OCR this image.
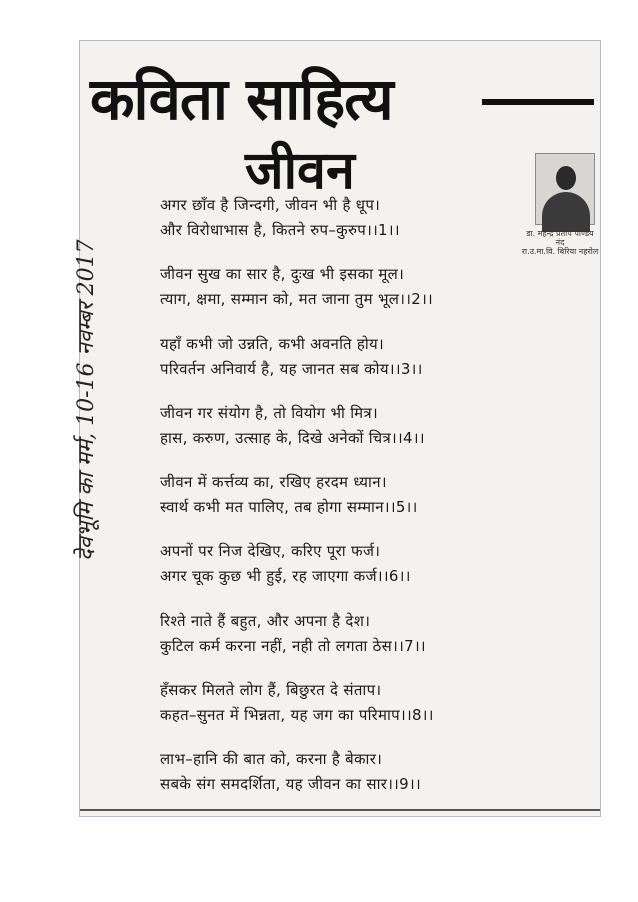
कविता साहित्य
जीवन
डा. महेन्द्र प्रताप पाण्डेय
नंद
रा.उ.मा.वि. बिरिया नहरोल
देवभूमि का मर्म, 10-16 नवम्बर 2017
अगर छाँव है जिन्दगी, जीवन भी है धूप।
और विरोधाभास है, कितने रुप–कुरुप।।1।।
जीवन सुख का सार है, दुःख भी इसका मूल।
त्याग, क्षमा, सम्मान को, मत जाना तुम भूल।।2।।
यहाँ कभी जो उन्नति, कभी अवनति होय।
परिवर्तन अनिवार्य है, यह जानत सब कोय।।3।।
जीवन गर संयोग है, तो वियोग भी मित्र।
हास, करुण, उत्साह के, दिखे अनेकों चित्र।।4।।
जीवन में कर्त्तव्य का, रखिए हरदम ध्यान।
स्वार्थ कभी मत पालिए, तब होगा सम्मान।।5।।
अपनों पर निज देखिए, करिए पूरा फर्ज।
अगर चूक कुछ भी हुई, रह जाएगा कर्ज।।6।।
रिश्ते नाते हैं बहुत, और अपना है देश।
कुटिल कर्म करना नहीं, नही तो लगता ठेस।।7।।
हँसकर मिलते लोग हैं, बिछुरत दे संताप।
कहत–सुनत में भिन्नता, यह जग का परिमाप।।8।।
लाभ–हानि की बात को, करना है बेकार।
सबके संग समदर्शिता, यह जीवन का सार।।9।।
